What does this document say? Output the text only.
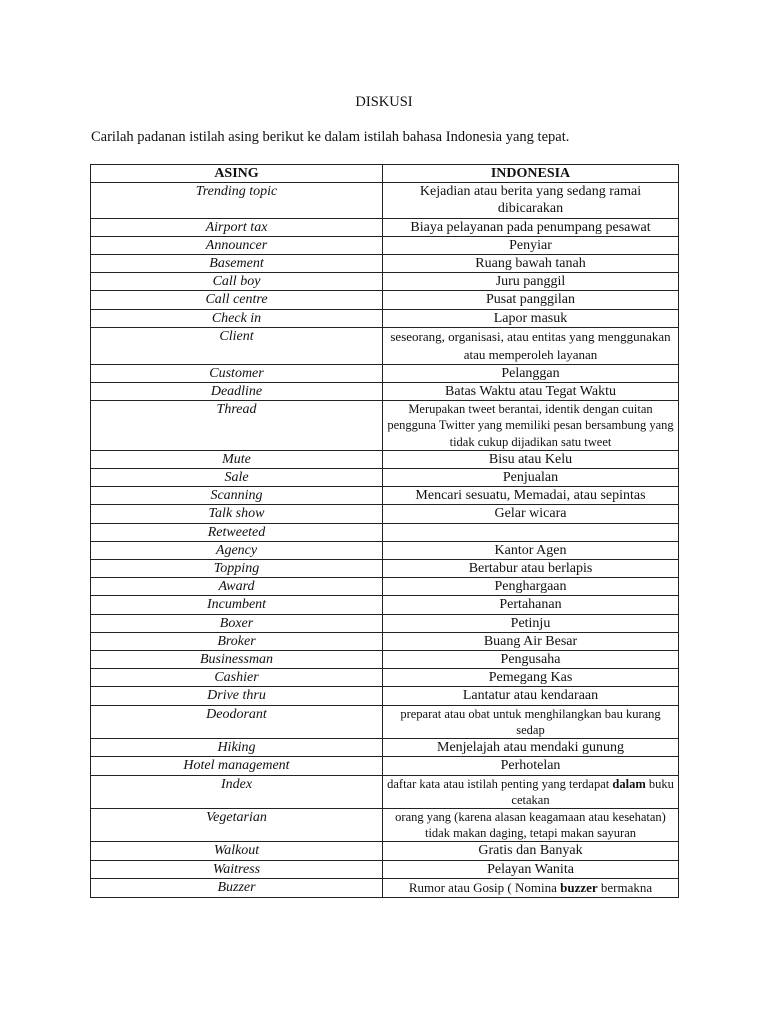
DISKUSI
Carilah padanan istilah asing berikut ke dalam istilah bahasa Indonesia yang tepat.
ASING	INDONESIA
Trending topic	Kejadian atau berita yang sedang ramai dibicarakan
Airport tax	Biaya pelayanan pada penumpang pesawat
Announcer	Penyiar
Basement	Ruang bawah tanah
Call boy	Juru panggil
Call centre	Pusat panggilan
Check in	Lapor masuk
Client	seseorang, organisasi, atau entitas yang menggunakan atau memperoleh layanan
Customer	Pelanggan
Deadline	Batas Waktu atau Tegat Waktu
Thread	Merupakan tweet berantai, identik dengan cuitan pengguna Twitter yang memiliki pesan bersambung yang tidak cukup dijadikan satu tweet
Mute	Bisu atau Kelu
Sale	Penjualan
Scanning	Mencari sesuatu, Memadai, atau sepintas
Talk show	Gelar wicara
Retweeted	
Agency	Kantor Agen
Topping	Bertabur atau berlapis
Award	Penghargaan
Incumbent	Pertahanan
Boxer	Petinju
Broker	Buang Air Besar
Businessman	Pengusaha
Cashier	Pemegang Kas
Drive thru	Lantatur atau kendaraan
Deodorant	preparat atau obat untuk menghilangkan bau kurang sedap
Hiking	Menjelajah atau mendaki gunung
Hotel management	Perhotelan
Index	daftar kata atau istilah penting yang terdapat dalam buku cetakan
Vegetarian	orang yang (karena alasan keagamaan atau kesehatan) tidak makan daging, tetapi makan sayuran
Walkout	Gratis dan Banyak
Waitress	Pelayan Wanita
Buzzer	Rumor atau Gosip ( Nomina buzzer bermakna
